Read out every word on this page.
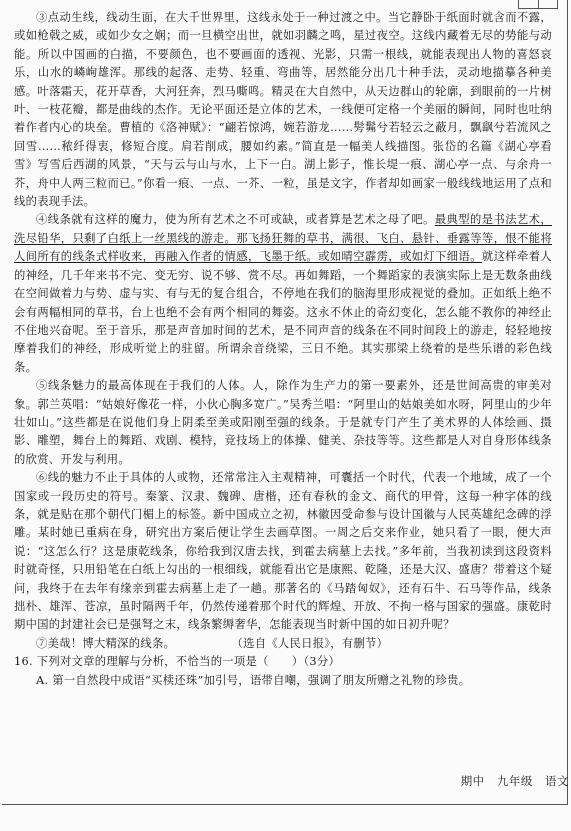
③点动生线，线动生面，在大千世界里，这线永处于一种过渡之中。当它静卧于纸面时就含而不露，或如枪戟之威，或如少女之娴；而一旦横空出世，就如羽麟之鸣，星过夜空。这线内藏着无尽的势能与动能。所以中国画的白描，不要颜色，也不要画面的透视、光影，只需一根线，就能表现出人物的喜怒哀乐，山水的嶙峋雄浑。那线的起落、走势、轻重、弯曲等，居然能分出几十种手法，灵动地描摹各种美感。叶落霜天，花开草香，大河狂奔，烈马嘶鸣。精灵在大自然中，从天边群山的轮廓，到眼前的一片树叶、一枝花瓣，都是曲线的杰作。无论平面还是立体的艺术，一线便可定格一个美丽的瞬间，同时也吐纳着作者内心的块垒。曹植的《洛神赋》：“翩若惊鸿，婉若游龙……髣髴兮若轻云之蔽月，飘飖兮若流风之回雪……秾纤得衷，修短合度。肩若削成，腰如约素。”简直是一幅美人线描图。张岱的名篇《湖心亭看雪》写雪后西湖的风景，“天与云与山与水，上下一白。湖上影子，惟长堤一痕、湖心亭一点、与余舟一芥，舟中人两三粒而已。”你看一痕、一点、一芥、一粒，虽是文字，作者却如画家一般线线地运用了点和线的表现手法。

④线条就有这样的魔力，使为所有艺术之不可或缺，或者算是艺术之母了吧。最典型的是书法艺术，洗尽铅华，只剩了白纸上一丝黑线的游走。那飞扬狂舞的草书，满很、飞白、悬针、垂露等等，恨不能将人间所有的线条式样收来，再融入作者的情感，飞墨于纸。或如晴空霹雳，或如灯下细语。就这样牵着人的神经，几千年来书不完、变无穷、说不够、赏不尽。再如舞蹈，一个舞蹈家的表演实际上是无数条曲线在空间做着力与势、虚与实、有与无的复合组合，不停地在我们的脑海里形成视觉的叠加。正如纸上绝不会有两幅相同的草书，台上也绝不会有两个相同的舞姿。这永不休止的奇幻变化，怎么能不教你的神经止不住地兴奋呢。至于音乐，那是声音加时间的艺术，是不同声音的线条在不同时间段上的游走，轻轻地按摩着我们的神经，形成听觉上的驻留。所谓余音绕梁，三日不绝。其实那梁上绕着的是些乐谱的彩色线条。

⑤线条魅力的最高体现在于我们的人体。人，除作为生产力的第一要素外，还是世间高贵的审美对象。郭兰英唱：“姑娘好像花一样，小伙心胸多宽广。”吴秀兰唱：“阿里山的姑娘美如水呀，阿里山的少年壮如山。”这些都是在说他们身上阴柔至美或阳刚至强的线条。于是就专门产生了美术界的人体绘画、摄影、雕塑，舞台上的舞蹈、戏剧、模特，竞技场上的体操、健美、杂技等等。这些都是人对自身形体线条的欣赏、开发与利用。

⑥线的魅力不止于具体的人或物，还常常注入主观精神，可囊括一个时代，代表一个地域，成了一个国家或一段历史的符号。秦篆、汉隶、魏碑、唐楷，还有春秋的金文、商代的甲骨，这每一种字体的线条，就是贴在那个朝代门楣上的标签。新中国成立之初，林徽因受命参与设计国徽与人民英雄纪念碑的浮雕。某时她已重病在身，研究出方案后便让学生去画草图。一周之后交来作业，她只看了一眼，便大声说：“这怎么行？这是康乾线条，你给我到汉唐去找，到霍去病墓上去找。”多年前，当我初读到这段资料时就奇怪，只用铅笔在白纸上勾出的一根细线，就能看出它是康熙、乾隆，还是大汉、盛唐？带着这个疑问，我终于在去年有缘亲到霍去病墓上走了一趟。那著名的《马踏匈奴》，还有石牛、石马等作品，线条拙朴、雄浑、苍凉，虽时隔两千年，仍然传递着那个时代的辉煌、开放、不拘一格与国家的强盛。康乾时期中国的封建社会已是强弩之末，线条繁缛奢华，怎能表现当时新中国的如日初升呢？

⑦美哉！博大精深的线条。	（选自《人民日报》，有删节）

16. 下列对文章的理解与分析，不恰当的一项是（　　）（3分）

A. 第一自然段中成语“买椟还珠”加引号，语带自嘲，强调了朋友所赠之礼物的珍贵。

期中 九年级 语文
